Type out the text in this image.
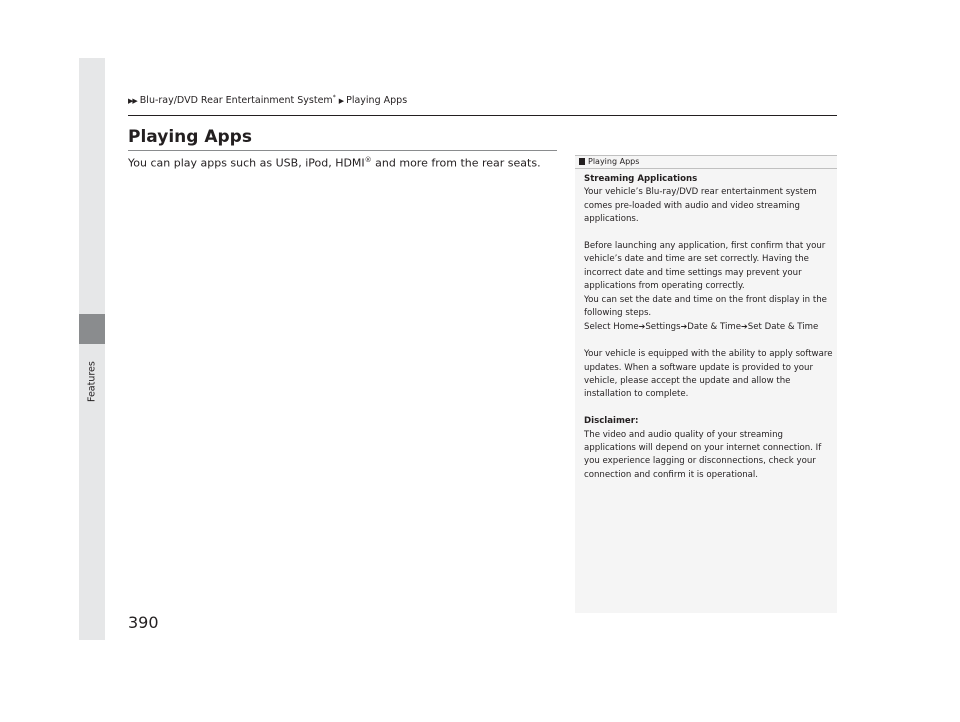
Features
▶▶ Blu-ray/DVD Rear Entertainment System* ▶ Playing Apps
Playing Apps
You can play apps such as USB, iPod, HDMI® and more from the rear seats.	Playing Apps

Streaming Applications

Your vehicle’s Blu-ray/DVD rear entertainment system comes pre-loaded with audio and video streaming applications.

Before launching any application, first confirm that your vehicle’s date and time are set correctly. Having the incorrect date and time settings may prevent your applications from operating correctly.

You can set the date and time on the front display in the following steps.

Select Home➔Settings➔Date & Time➔Set Date & Time

Your vehicle is equipped with the ability to apply software updates. When a software update is provided to your vehicle, please accept the update and allow the installation to complete.

Disclaimer:

The video and audio quality of your streaming applications will depend on your internet connection. If you experience lagging or disconnections, check your connection and confirm it is operational.

390
